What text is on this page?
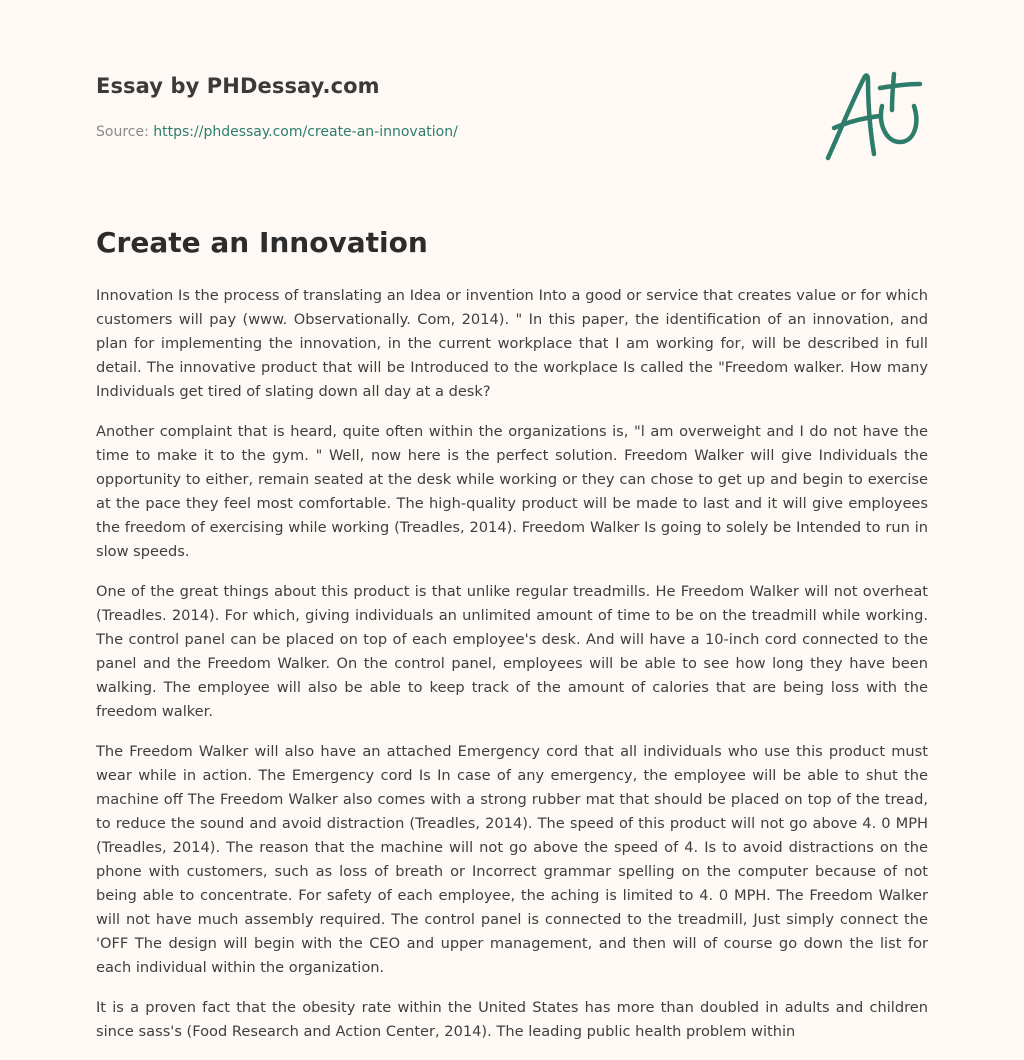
Essay by PHDessay.com
Source: https://phdessay.com/create-an-innovation/
Create an Innovation

Innovation Is the process of translating an Idea or invention Into a good or service that creates value or for which customers will pay (www. Observationally. Com, 2014). " In this paper, the identification of an innovation, and plan for implementing the innovation, in the current workplace that I am working for, will be described in full detail. The innovative product that will be Introduced to the workplace Is called the "Freedom walker. How many Individuals get tired of slating down all day at a desk?

Another complaint that is heard, quite often within the organizations is, "l am overweight and I do not have the time to make it to the gym. " Well, now here is the perfect solution. Freedom Walker will give Individuals the opportunity to either, remain seated at the desk while working or they can chose to get up and begin to exercise at the pace they feel most comfortable. The high-quality product will be made to last and it will give employees the freedom of exercising while working (Treadles, 2014). Freedom Walker Is going to solely be Intended to run in slow speeds.

One of the great things about this product is that unlike regular treadmills. He Freedom Walker will not overheat (Treadles. 2014). For which, giving individuals an unlimited amount of time to be on the treadmill while working. The control panel can be placed on top of each employee's desk. And will have a 10-inch cord connected to the panel and the Freedom Walker. On the control panel, employees will be able to see how long they have been walking. The employee will also be able to keep track of the amount of calories that are being loss with the freedom walker.

The Freedom Walker will also have an attached Emergency cord that all individuals who use this product must wear while in action. The Emergency cord Is In case of any emergency, the employee will be able to shut the machine off The Freedom Walker also comes with a strong rubber mat that should be placed on top of the tread, to reduce the sound and avoid distraction (Treadles, 2014). The speed of this product will not go above 4. 0 MPH (Treadles, 2014). The reason that the machine will not go above the speed of 4. Is to avoid distractions on the phone with customers, such as loss of breath or Incorrect grammar spelling on the computer because of not being able to concentrate. For safety of each employee, the aching is limited to 4. 0 MPH. The Freedom Walker will not have much assembly required. The control panel is connected to the treadmill, Just simply connect the 'OFF The design will begin with the CEO and upper management, and then will of course go down the list for each individual within the organization.

It is a proven fact that the obesity rate within the United States has more than doubled in adults and children since sass's (Food Research and Action Center, 2014). The leading public health problem within
